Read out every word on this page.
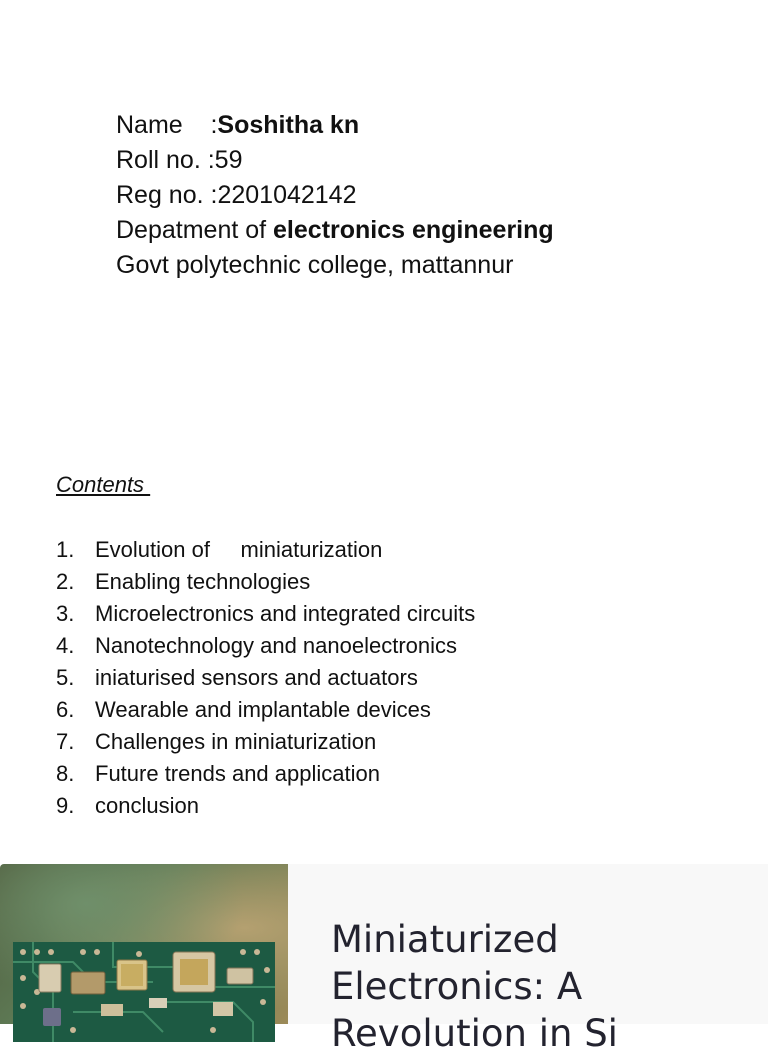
Name    :Soshitha kn
Roll no. :59
Reg no. :2201042142
Depatment of electronics engineering
Govt polytechnic college, mattannur
Contents
1. Evolution of     miniaturization
2. Enabling technologies
3. Microelectronics and integrated circuits
4. Nanotechnology and nanoelectronics
5. iniaturised sensors and actuators
6. Wearable and implantable devices
7. Challenges in miniaturization
8. Future trends and application
9. conclusion
Miniaturized Electronics: A Revolution in Si
